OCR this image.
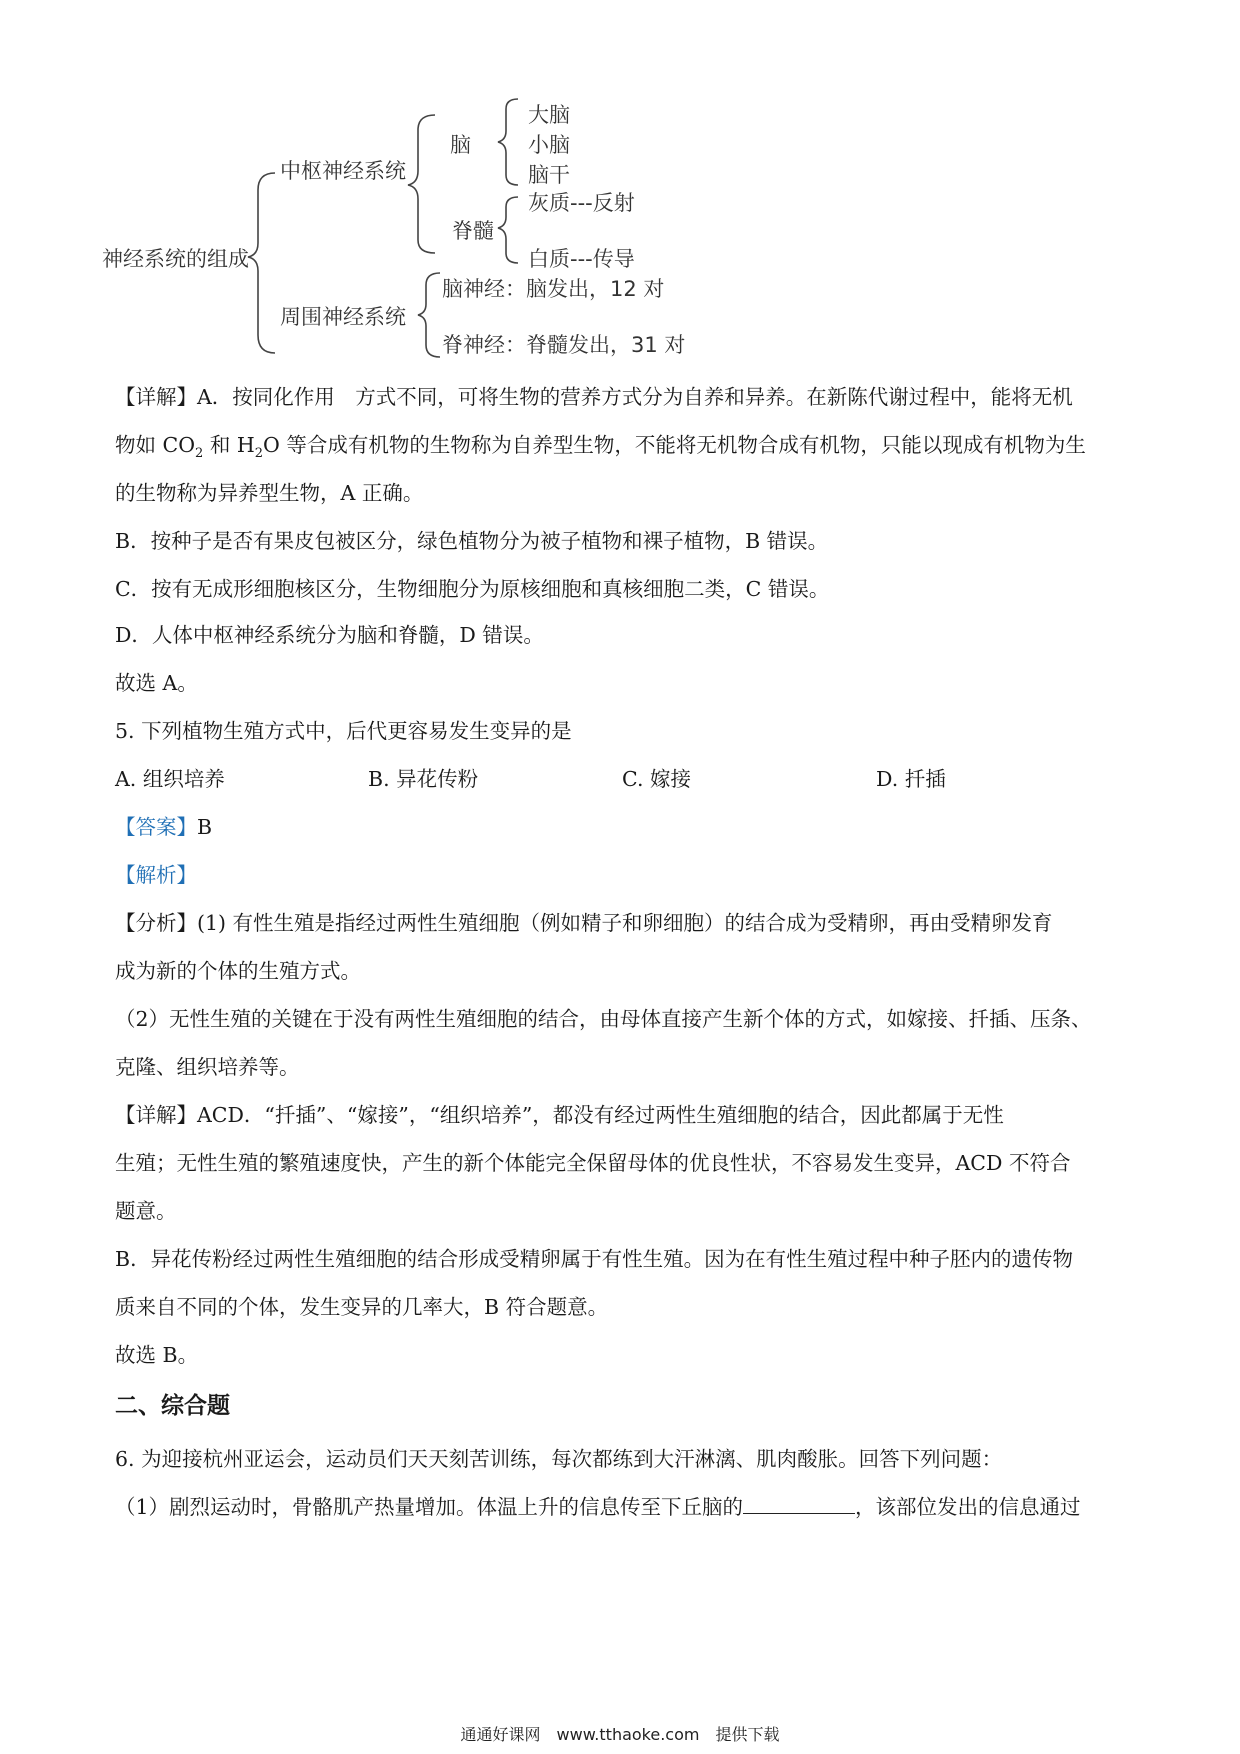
神经系统的组成
中枢神经系统
周围神经系统
脑
脊髓
大脑
小脑
脑干
灰质---反射
白质---传导
脑神经：脑发出，12 对
脊神经：脊髓发出，31 对
【详解】A．按同化作用　方式不同，可将生物的营养方式分为自养和异养。在新陈代谢过程中，能将无机
物如 $CO_2$ 和 $H_2O$ 等合成有机物的生物称为自养型生物，不能将无机物合成有机物，只能以现成有机物为生
的生物称为异养型生物，A 正确。
B．按种子是否有果皮包被区分，绿色植物分为被子植物和裸子植物，B 错误。
C．按有无成形细胞核区分，生物细胞分为原核细胞和真核细胞二类，C 错误。
D．人体中枢神经系统分为脑和脊髓，D 错误。
故选 A。
5. 下列植物生殖方式中，后代更容易发生变异的是
A. 组织培养	B. 异花传粉	C. 嫁接	D. 扦插
【答案】B
【解析】
【分析】(1) 有性生殖是指经过两性生殖细胞（例如精子和卵细胞）的结合成为受精卵，再由受精卵发育
成为新的个体的生殖方式。
（2）无性生殖的关键在于没有两性生殖细胞的结合，由母体直接产生新个体的方式，如嫁接、扦插、压条、
克隆、组织培养等。
【详解】ACD．“扦插”、“嫁接”，“组织培养”，都没有经过两性生殖细胞的结合，因此都属于无性
生殖；无性生殖的繁殖速度快，产生的新个体能完全保留母体的优良性状，不容易发生变异，ACD 不符合
题意。
B．异花传粉经过两性生殖细胞的结合形成受精卵属于有性生殖。因为在有性生殖过程中种子胚内的遗传物
质来自不同的个体，发生变异的几率大，B 符合题意。
故选 B。
二、综合题
6. 为迎接杭州亚运会，运动员们天天刻苦训练，每次都练到大汗淋漓、肌肉酸胀。回答下列问题：
（1）剧烈运动时，骨骼肌产热量增加。体温上升的信息传至下丘脑的	，该部位发出的信息通过
通通好课网　www.tthaoke.com　提供下载
